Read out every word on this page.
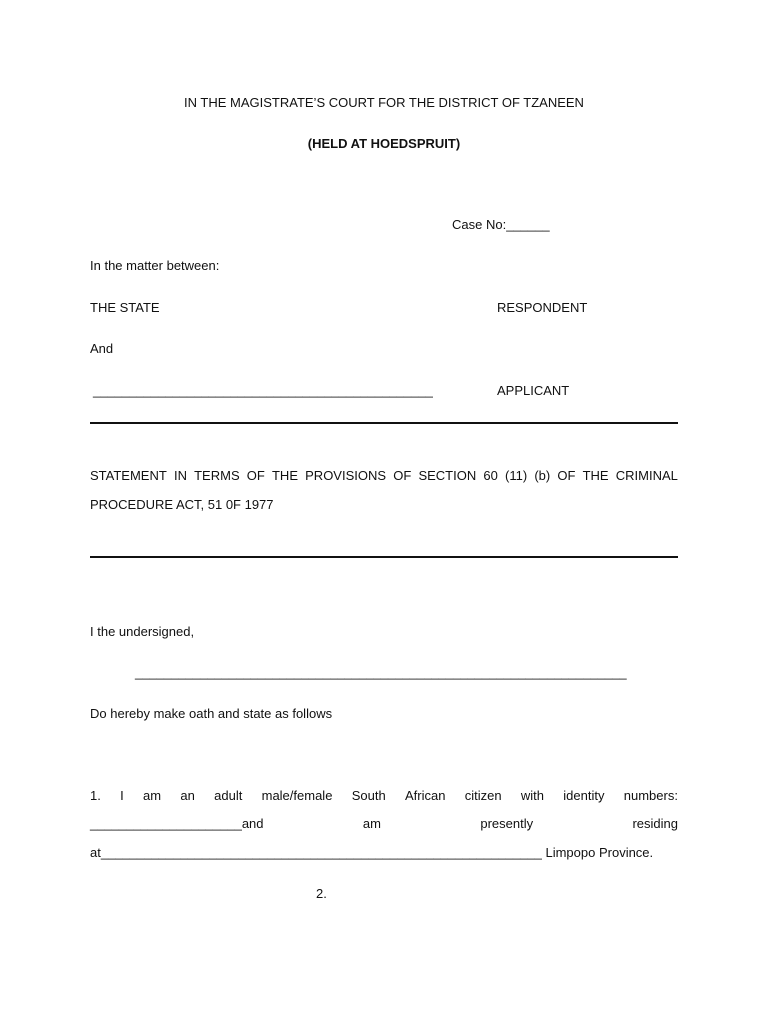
IN THE MAGISTRATE’S COURT FOR THE DISTRICT OF TZANEEN
(HELD AT HOEDSPRUIT)
Case No:______
In the matter between:
THE STATE	RESPONDENT
And
_______________________________________________	APPLICANT
STATEMENT IN TERMS OF THE PROVISIONS OF SECTION 60 (11) (b) OF THE CRIMINAL
PROCEDURE ACT, 51 0F 1977
I the undersigned,
____________________________________________________________________
Do hereby make oath and state as follows
1. I am an adult male/female South African citizen with identity numbers:
_____________________and	am	presently	residing
at_____________________________________________________________ Limpopo Province.
2.
